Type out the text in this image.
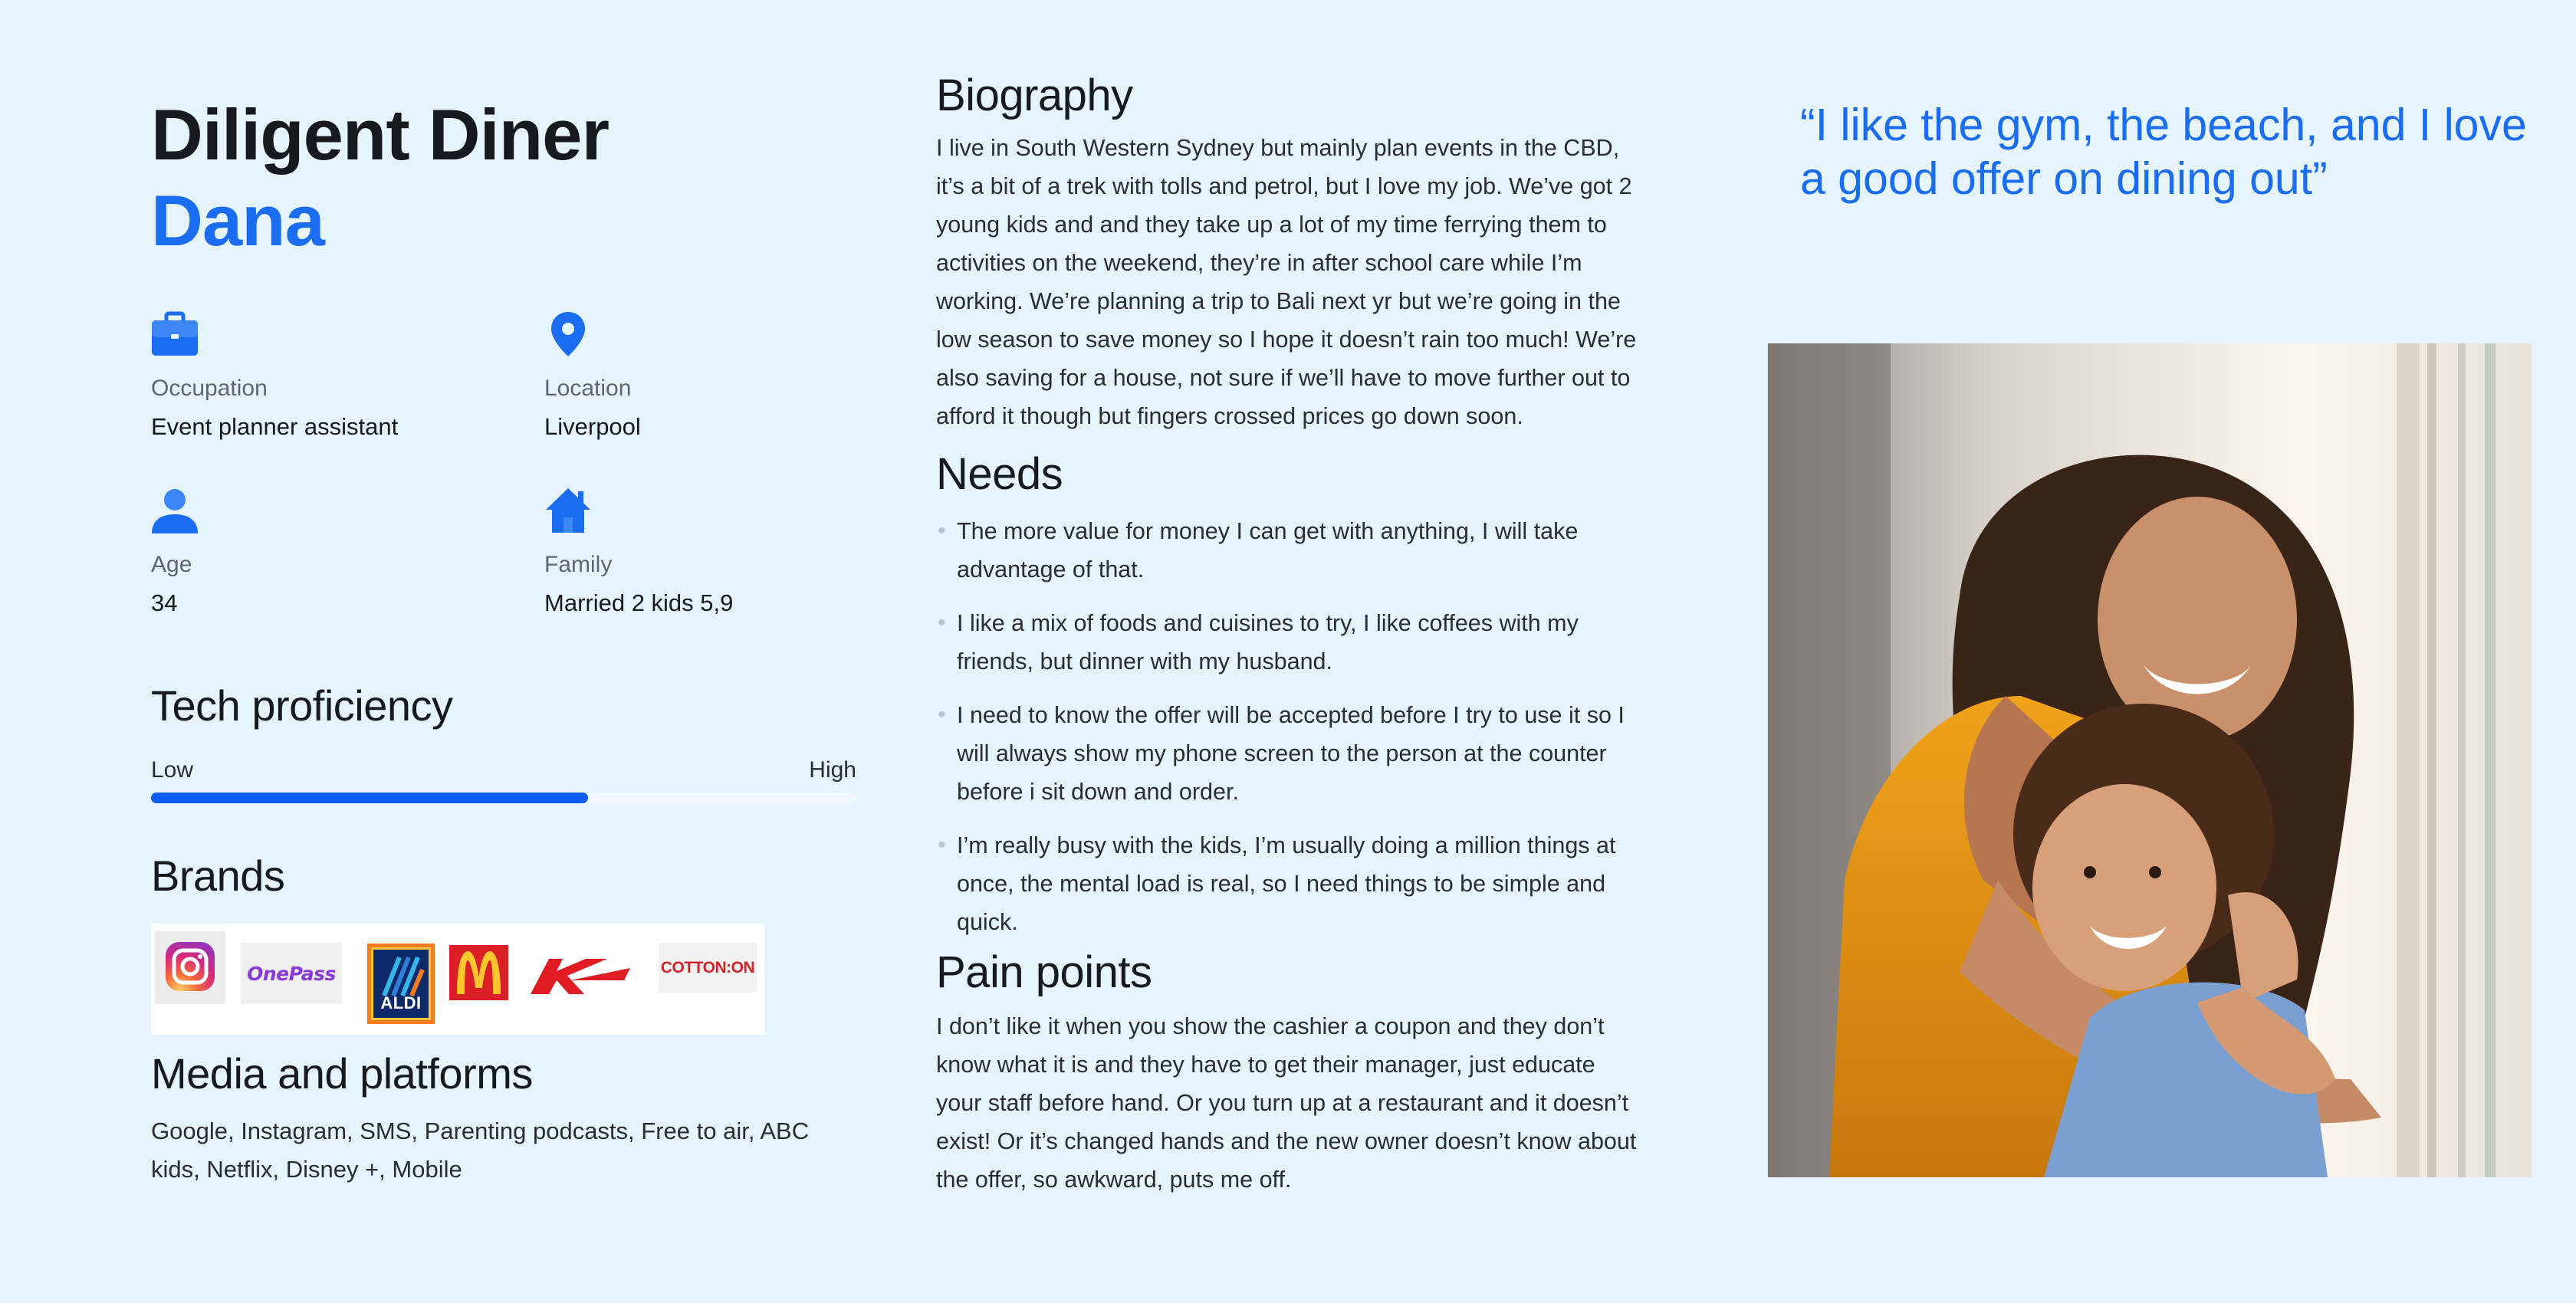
Diligent Diner
Dana
Occupation
Event planner assistant
Location
Liverpool
Age
34
Family
Married 2 kids 5,9
Tech proficiency
Low	High
Brands
OnePass
ALDI
mart	COTTON:ON
Media and platforms
Google, Instagram, SMS, Parenting podcasts, Free to air, ABC kids, Netflix, Disney +, Mobile
Biography

I live in South Western Sydney but mainly plan events in the CBD, it’s a bit of a trek with tolls and petrol, but I love my job. We’ve got 2 young kids and and they take up a lot of my time ferrying them to activities on the weekend, they’re in after school care while I’m working. We’re planning a trip to Bali next yr but we’re going in the low season to save money so I hope it doesn’t rain too much! We’re also saving for a house, not sure if we’ll have to move further out to afford it though but fingers crossed prices go down soon.

Needs
• The more value for money I can get with anything, I will take advantage of that.
• I like a mix of foods and cuisines to try, I like coffees with my friends, but dinner with my husband.
• I need to know the offer will be accepted before I try to use it so I will always show my phone screen to the person at the counter before i sit down and order.
• I’m really busy with the kids, I’m usually doing a million things at once, the mental load is real, so I need things to be simple and quick.
Pain points

I don’t like it when you show the cashier a coupon and they don’t know what it is and they have to get their manager, just educate your staff before hand. Or you turn up at a restaurant and it doesn’t exist! Or it’s changed hands and the new owner doesn’t know about the offer, so awkward, puts me off.

“I like the gym, the beach, and I love a good offer on dining out”
